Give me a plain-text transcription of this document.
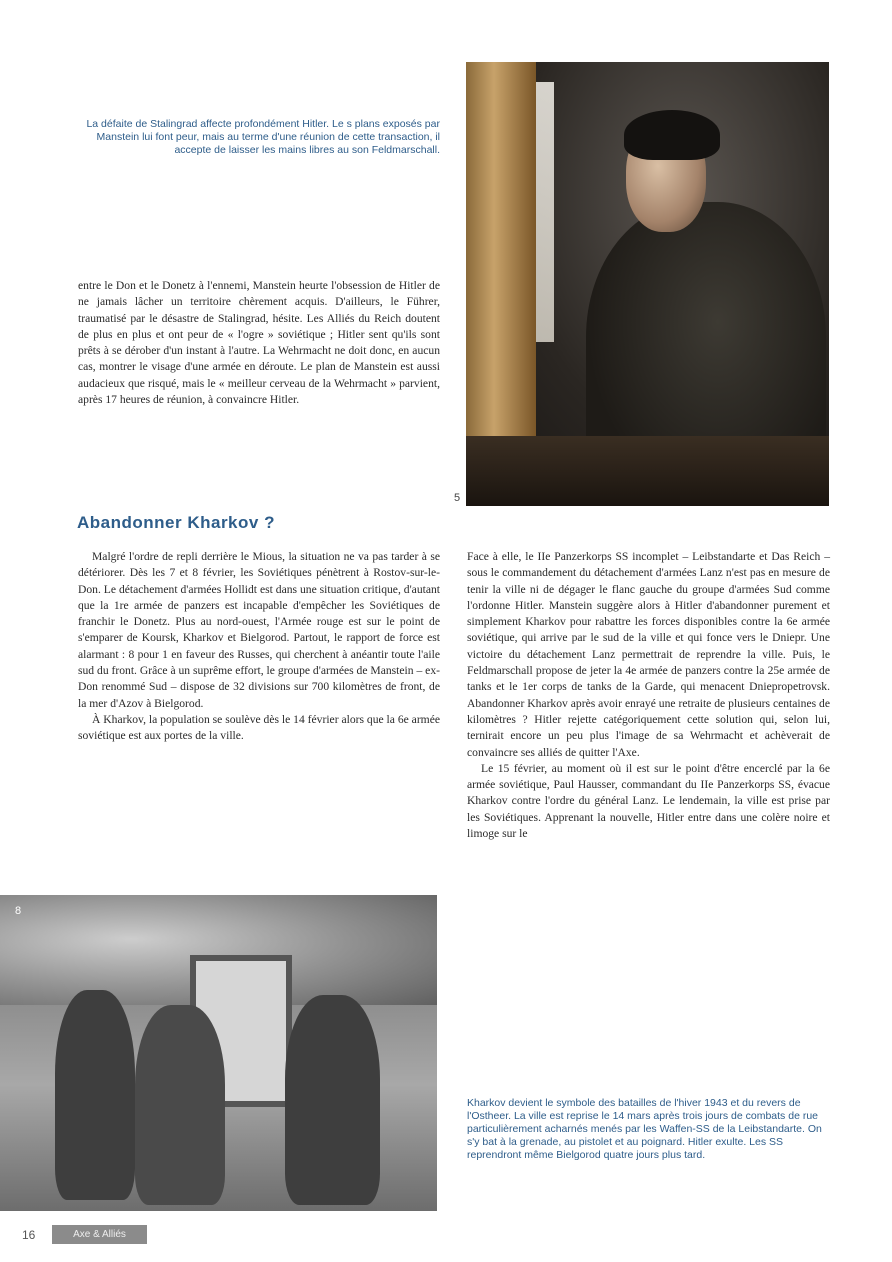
La défaite de Stalingrad affecte profondément Hitler. Le s plans exposés par Manstein lui font peur, mais au terme d'une réunion de cette transaction, il accepte de laisser les mains libres au son Feldmarschall.
5

entre le Don et le Donetz à l'ennemi, Manstein heurte l'obsession de Hitler de ne jamais lâcher un territoire chèrement acquis. D'ailleurs, le Führer, traumatisé par le désastre de Stalingrad, hésite. Les Alliés du Reich doutent de plus en plus et ont peur de « l'ogre » soviétique ; Hitler sent qu'ils sont prêts à se dérober d'un instant à l'autre. La Wehrmacht ne doit donc, en aucun cas, montrer le visage d'une armée en déroute. Le plan de Manstein est aussi audacieux que risqué, mais le « meilleur cerveau de la Wehrmacht » parvient, après 17 heures de réunion, à convaincre Hitler.

Abandonner Kharkov ?

Malgré l'ordre de repli derrière le Mious, la situation ne va pas tarder à se détériorer. Dès les 7 et 8 février, les Soviétiques pénètrent à Rostov-sur-le-Don. Le détachement d'armées Hollidt est dans une situation critique, d'autant que la 1re armée de panzers est incapable d'empêcher les Soviétiques de franchir le Donetz. Plus au nord-ouest, l'Armée rouge est sur le point de s'emparer de Koursk, Kharkov et Bielgorod. Partout, le rapport de force est alarmant : 8 pour 1 en faveur des Russes, qui cherchent à anéantir toute l'aile sud du front. Grâce à un suprême effort, le groupe d'armées de Manstein – ex-Don renommé Sud – dispose de 32 divisions sur 700 kilomètres de front, de la mer d'Azov à Bielgorod.

À Kharkov, la population se soulève dès le 14 février alors que la 6e armée soviétique est aux portes de la ville.

Face à elle, le IIe Panzerkorps SS incomplet – Leibstandarte et Das Reich – sous le commandement du détachement d'armées Lanz n'est pas en mesure de tenir la ville ni de dégager le flanc gauche du groupe d'armées Sud comme l'ordonne Hitler. Manstein suggère alors à Hitler d'abandonner purement et simplement Kharkov pour rabattre les forces disponibles contre la 6e armée soviétique, qui arrive par le sud de la ville et qui fonce vers le Dniepr. Une victoire du détachement Lanz permettrait de reprendre la ville. Puis, le Feldmarschall propose de jeter la 4e armée de panzers contre la 25e armée de tanks et le 1er corps de tanks de la Garde, qui menacent Dniepropetrovsk. Abandonner Kharkov après avoir enrayé une retraite de plusieurs centaines de kilomètres ? Hitler rejette catégoriquement cette solution qui, selon lui, ternirait encore un peu plus l'image de sa Wehrmacht et achèverait de convaincre ses alliés de quitter l'Axe.

Le 15 février, au moment où il est sur le point d'être encerclé par la 6e armée soviétique, Paul Hausser, commandant du IIe Panzerkorps SS, évacue Kharkov contre l'ordre du général Lanz. Le lendemain, la ville est prise par les Soviétiques. Apprenant la nouvelle, Hitler entre dans une colère noire et limoge sur le

8
Kharkov devient le symbole des batailles de l'hiver 1943 et du revers de l'Ostheer. La ville est reprise le 14 mars après trois jours de combats de rue particulièrement acharnés menés par les Waffen-SS de la Leibstandarte. On s'y bat à la grenade, au pistolet et au poignard. Hitler exulte. Les SS reprendront même Bielgorod quatre jours plus tard.
16	Axe & Alliés
